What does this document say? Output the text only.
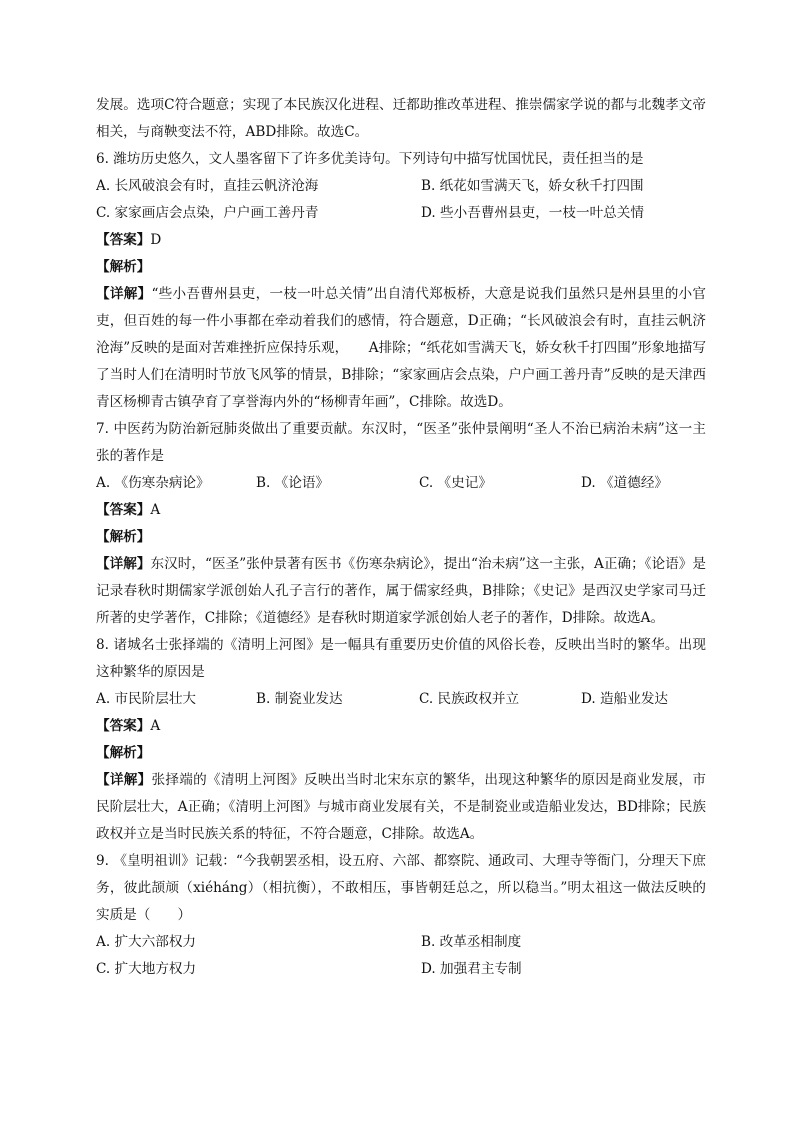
发展。选项C符合题意；实现了本民族汉化进程、迁都助推改革进程、推崇儒家学说的都与北魏孝文帝相关，与商鞅变法不符，ABD排除。故选C。

6. 潍坊历史悠久，文人墨客留下了许多优美诗句。下列诗句中描写忧国忧民，责任担当的是

A. 长风破浪会有时，直挂云帆济沧海	B. 纸花如雪满天飞，娇女秋千打四围
C. 家家画店会点染，户户画工善丹青	D. 些小吾曹州县吏，一枝一叶总关情

【答案】D

【解析】

【详解】“些小吾曹州县吏，一枝一叶总关情”出自清代郑板桥，大意是说我们虽然只是州县里的小官吏，但百姓的每一件小事都在牵动着我们的感情，符合题意，D正确；“长风破浪会有时，直挂云帆济沧海”反映的是面对苦难挫折应保持乐观，　　A排除；“纸花如雪满天飞，娇女秋千打四围”形象地描写了当时人们在清明时节放飞风筝的情景，B排除；“家家画店会点染，户户画工善丹青”反映的是天津西青区杨柳青古镇孕育了享誉海内外的“杨柳青年画”，C排除。故选D。

7. 中医药为防治新冠肺炎做出了重要贡献。东汉时，“医圣”张仲景阐明“圣人不治已病治未病”这一主张的著作是

A. 《伤寒杂病论》	B. 《论语》	C. 《史记》	D. 《道德经》

【答案】A

【解析】

【详解】东汉时，“医圣”张仲景著有医书《伤寒杂病论》，提出“治未病”这一主张，A正确；《论语》是记录春秋时期儒家学派创始人孔子言行的著作，属于儒家经典，B排除；《史记》是西汉史学家司马迁所著的史学著作，C排除；《道德经》是春秋时期道家学派创始人老子的著作，D排除。故选A。

8. 诸城名士张择端的《清明上河图》是一幅具有重要历史价值的风俗长卷，反映出当时的繁华。出现这种繁华的原因是

A. 市民阶层壮大	B. 制瓷业发达	C. 民族政权并立	D. 造船业发达

【答案】A

【解析】

【详解】张择端的《清明上河图》反映出当时北宋东京的繁华，出现这种繁华的原因是商业发展，市民阶层壮大，A正确；《清明上河图》与城市商业发展有关，不是制瓷业或造船业发达，BD排除；民族政权并立是当时民族关系的特征，不符合题意，C排除。故选A。

9. 《皇明祖训》记载：“今我朝罢丞相，设五府、六部、都察院、通政司、大理寺等衙门，分理天下庶务，彼此颉颃（xiéháng）（相抗衡），不敢相压，事皆朝廷总之，所以稳当。”明太祖这一做法反映的实质是（　　）

A. 扩大六部权力	B. 改革丞相制度
C. 扩大地方权力	D. 加强君主专制
